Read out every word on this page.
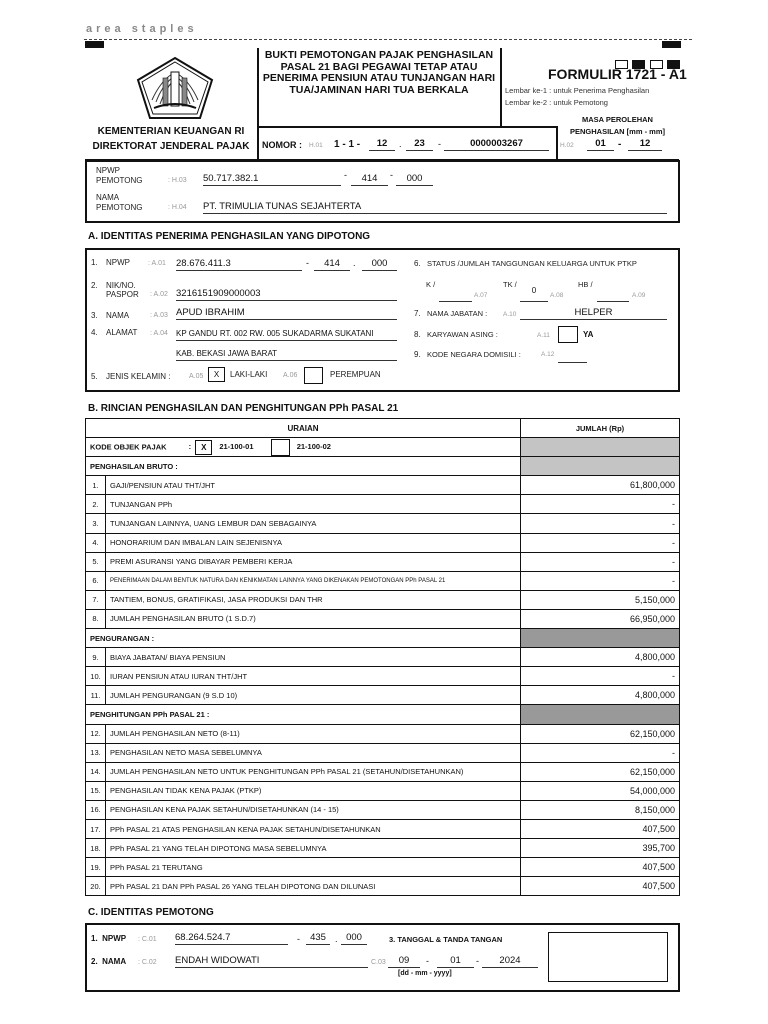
area staples
KEMENTERIAN KEUANGAN RI
DIREKTORAT JENDERAL PAJAK
BUKTI PEMOTONGAN PAJAK PENGHASILAN
PASAL 21 BAGI PEGAWAI TETAP ATAU
PENERIMA PENSIUN ATAU TUNJANGAN HARI
TUA/JAMINAN HARI TUA BERKALA

FORMULIR 1721 - A1
Lembar ke-1 : untuk Penerima Penghasilan
Lembar ke-2 : untuk Pemotong
MASA PEROLEHAN
PENGHASILAN [mm - mm]
H.02	01	-	12
NOMOR : H.01 1 - 1 -	12	.	23	-	0000003267
NPWP
PEMOTONG	: H.03 50.717.382.1	-	414	-	000
NAMA
PEMOTONG	: H.04 PT. TRIMULIA TUNAS SEJAHTERTA
A. IDENTITAS PENERIMA PENGHASILAN YANG DIPOTONG
1. NPWP	: A.01 28.676.411.3	-	414	.	000
2. NIK/NO.
PASPOR : A.02 3216151909000003
3. NAMA	: A.03 APUD IBRAHIM
4. ALAMAT : A.04 KP GANDU RT. 002 RW. 005 SUKADARMA SUKATANI
KAB. BEKASI JAWA BARAT
5. JENIS KELAMIN :	A.05	X	LAKI-LAKI A.06	PEREMPUAN
6. STATUS /JUMLAH TANGGUNGAN KELUARGA UNTUK PTKP
K /
A.07
TK /
0
A.08
HB /
A.09
7. NAMA JABATAN : A.10	HELPER
8. KARYAWAN ASING :	A.11	YA
9. KODE NEGARA DOMISILI :	A.12
B. RINCIAN PENGHASILAN DAN PENGHITUNGAN PPh PASAL 21
URAIAN		JUMLAH (Rp)
KODE OBJEK PAJAK : X 21-100-01 21-100-02		
PENGHASILAN BRUTO :		
1.	GAJI/PENSIUN ATAU THT/JHT	61,800,000
2.	TUNJANGAN PPh	-
3.	TUNJANGAN LAINNYA, UANG LEMBUR DAN SEBAGAINYA	-
4.	HONORARIUM DAN IMBALAN LAIN SEJENISNYA	-
5.	PREMI ASURANSI YANG DIBAYAR PEMBERI KERJA	-
6.	PENERIMAAN DALAM BENTUK NATURA DAN KENIKMATAN LAINNYA YANG DIKENAKAN PEMOTONGAN PPh PASAL 21	-
7.	TANTIEM, BONUS, GRATIFIKASI, JASA PRODUKSI DAN THR	5,150,000
8.	JUMLAH PENGHASILAN BRUTO (1 S.D.7)	66,950,000
PENGURANGAN :		
9.	BIAYA JABATAN/ BIAYA PENSIUN	4,800,000
10.	IURAN PENSIUN ATAU IURAN THT/JHT	-
11.	JUMLAH PENGURANGAN (9 S.D 10)	4,800,000
PENGHITUNGAN PPh PASAL 21 :		
12.	JUMLAH PENGHASILAN NETO (8-11)	62,150,000
13.	PENGHASILAN NETO MASA SEBELUMNYA	-
14.	JUMLAH PENGHASILAN NETO UNTUK PENGHITUNGAN PPh PASAL 21 (SETAHUN/DISETAHUNKAN)	62,150,000
15.	PENGHASILAN TIDAK KENA PAJAK (PTKP)	54,000,000
16.	PENGHASILAN KENA PAJAK SETAHUN/DISETAHUNKAN (14 - 15)	8,150,000
17.	PPh PASAL 21 ATAS PENGHASILAN KENA PAJAK SETAHUN/DISETAHUNKAN	407,500
18.	PPh PASAL 21 YANG TELAH DIPOTONG MASA SEBELUMNYA	395,700
19.	PPh PASAL 21 TERUTANG	407,500
20.	PPh PASAL 21 DAN PPh PASAL 26 YANG TELAH DIPOTONG DAN DILUNASI	407,500
C. IDENTITAS PEMOTONG
1.  NPWP : C.01 68.264.524.7	-	435	. 000	3. TANGGAL & TANDA TANGAN
2.  NAMA : C.02 ENDAH WIDOWATI	C.03	09	-	01	-	2024
[dd - mm - yyyy]
